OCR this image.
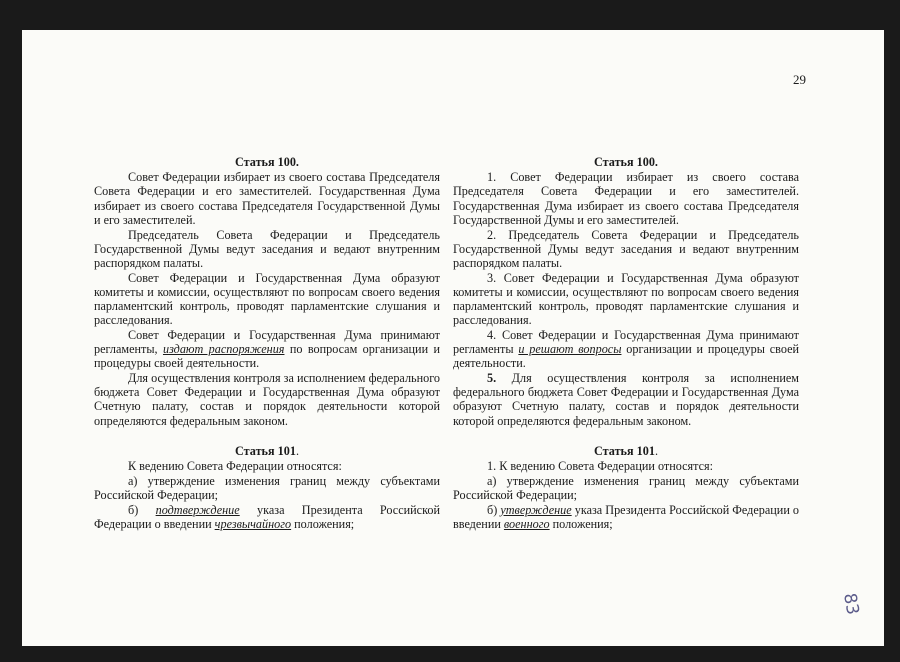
29
Статья 100.
Совет Федерации избирает из своего состава Председателя Совета Федерации и его заместителей. Государственная Дума избирает из своего состава Председателя Государственной Думы и его заместителей.
Председатель Совета Федерации и Председатель Государственной Думы ведут заседания и ведают внутренним распорядком палаты.
Совет Федерации и Государственная Дума образуют комитеты и комиссии, осуществляют по вопросам своего ведения парламентский контроль, проводят парламентские слушания и расследования.
Совет Федерации и Государственная Дума принимают регламенты, издают распоряжения по вопросам организации и процедуры своей деятельности.
Для осуществления контроля за исполнением федерального бюджета Совет Федерации и Государственная Дума образуют Счетную палату, состав и порядок деятельности которой определяются федеральным законом.
Статья 101.
К ведению Совета Федерации относятся:
а) утверждение изменения границ между субъектами Российской Федерации;
б) подтверждение указа Президента Российской Федерации о введении чрезвычайного положения;
Статья 100.
1. Совет Федерации избирает из своего состава Председателя Совета Федерации и его заместителей. Государственная Дума избирает из своего состава Председателя Государственной Думы и его заместителей.
2. Председатель Совета Федерации и Председатель Государственной Думы ведут заседания и ведают внутренним распорядком палаты.
3. Совет Федерации и Государственная Дума образуют комитеты и комиссии, осуществляют по вопросам своего ведения парламентский контроль, проводят парламентские слушания и расследования.
4. Совет Федерации и Государственная Дума принимают регламенты и решают вопросы организации и процедуры своей деятельности.
5. Для осуществления контроля за исполнением федерального бюджета Совет Федерации и Государственная Дума образуют Счетную палату, состав и порядок деятельности которой определяются федеральным законом.
Статья 101.
1. К ведению Совета Федерации относятся:
а) утверждение изменения границ между субъектами Российской Федерации;
б) утверждение указа Президента Российской Федерации о введении военного положения;
83
